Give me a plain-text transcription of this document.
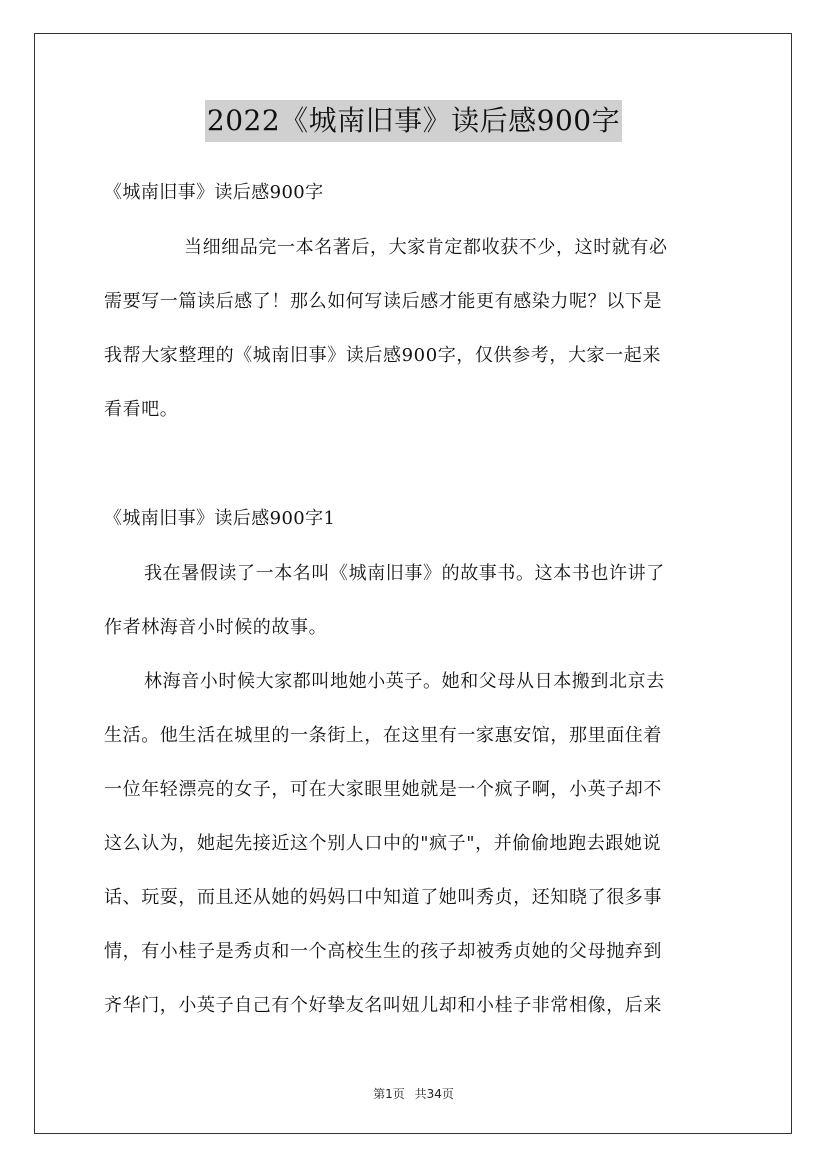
2022《城南旧事》读后感900字
《城南旧事》读后感900字
当细细品完一本名著后，大家肯定都收获不少，这时就有必
需要写一篇读后感了！那么如何写读后感才能更有感染力呢？以下是
我帮大家整理的《城南旧事》读后感900字，仅供参考，大家一起来
看看吧。
《城南旧事》读后感900字1
我在暑假读了一本名叫《城南旧事》的故事书。这本书也许讲了
作者林海音小时候的故事。
林海音小时候大家都叫地她小英子。她和父母从日本搬到北京去
生活。他生活在城里的一条街上，在这里有一家惠安馆，那里面住着
一位年轻漂亮的女子，可在大家眼里她就是一个疯子啊，小英子却不
这么认为，她起先接近这个别人口中的"疯子"，并偷偷地跑去跟她说
话、玩耍，而且还从她的妈妈口中知道了她叫秀贞，还知晓了很多事
情，有小桂子是秀贞和一个高校生生的孩子却被秀贞她的父母抛弃到
齐华门，小英子自己有个好挚友名叫妞儿却和小桂子非常相像，后来
第1页 共34页
